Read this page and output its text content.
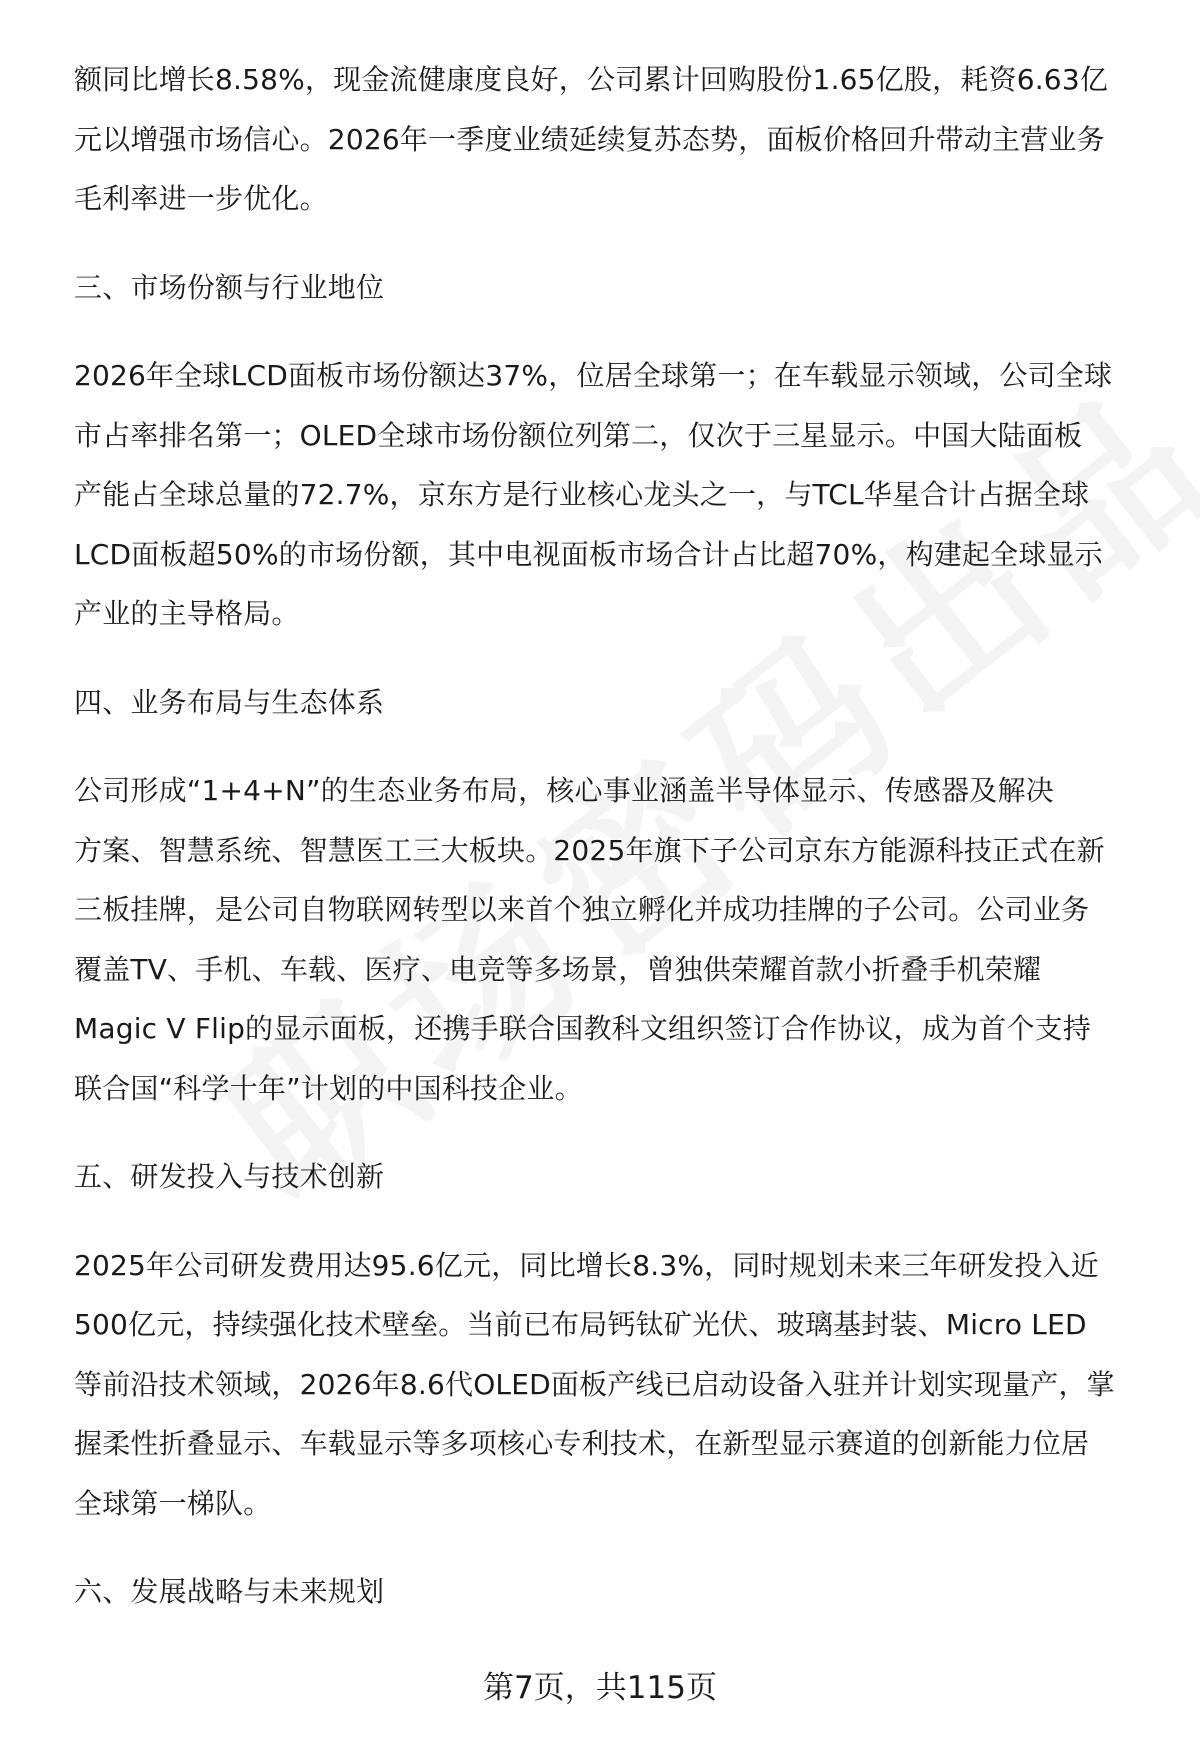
额同比增长8.58%，现金流健康度良好，公司累计回购股份1.65亿股，耗资6.63亿
元以增强市场信心。2026年一季度业绩延续复苏态势，面板价格回升带动主营业务
毛利率进一步优化。
三、市场份额与行业地位
2026年全球LCD面板市场份额达37%，位居全球第一；在车载显示领域，公司全球
市占率排名第一；OLED全球市场份额位列第二，仅次于三星显示。中国大陆面板
产能占全球总量的72.7%，京东方是行业核心龙头之一，与TCL华星合计占据全球
LCD面板超50%的市场份额，其中电视面板市场合计占比超70%，构建起全球显示
产业的主导格局。
四、业务布局与生态体系
公司形成“1+4+N”的生态业务布局，核心事业涵盖半导体显示、传感器及解决
方案、智慧系统、智慧医工三大板块。2025年旗下子公司京东方能源科技正式在新
三板挂牌，是公司自物联网转型以来首个独立孵化并成功挂牌的子公司。公司业务
覆盖TV、手机、车载、医疗、电竞等多场景，曾独供荣耀首款小折叠手机荣耀
Magic V Flip的显示面板，还携手联合国教科文组织签订合作协议，成为首个支持
联合国“科学十年”计划的中国科技企业。
五、研发投入与技术创新
2025年公司研发费用达95.6亿元，同比增长8.3%，同时规划未来三年研发投入近
500亿元，持续强化技术壁垒。当前已布局钙钛矿光伏、玻璃基封装、Micro LED
等前沿技术领域，2026年8.6代OLED面板产线已启动设备入驻并计划实现量产，掌
握柔性折叠显示、车载显示等多项核心专利技术，在新型显示赛道的创新能力位居
全球第一梯队。
六、发展战略与未来规划
第7页，共115页
